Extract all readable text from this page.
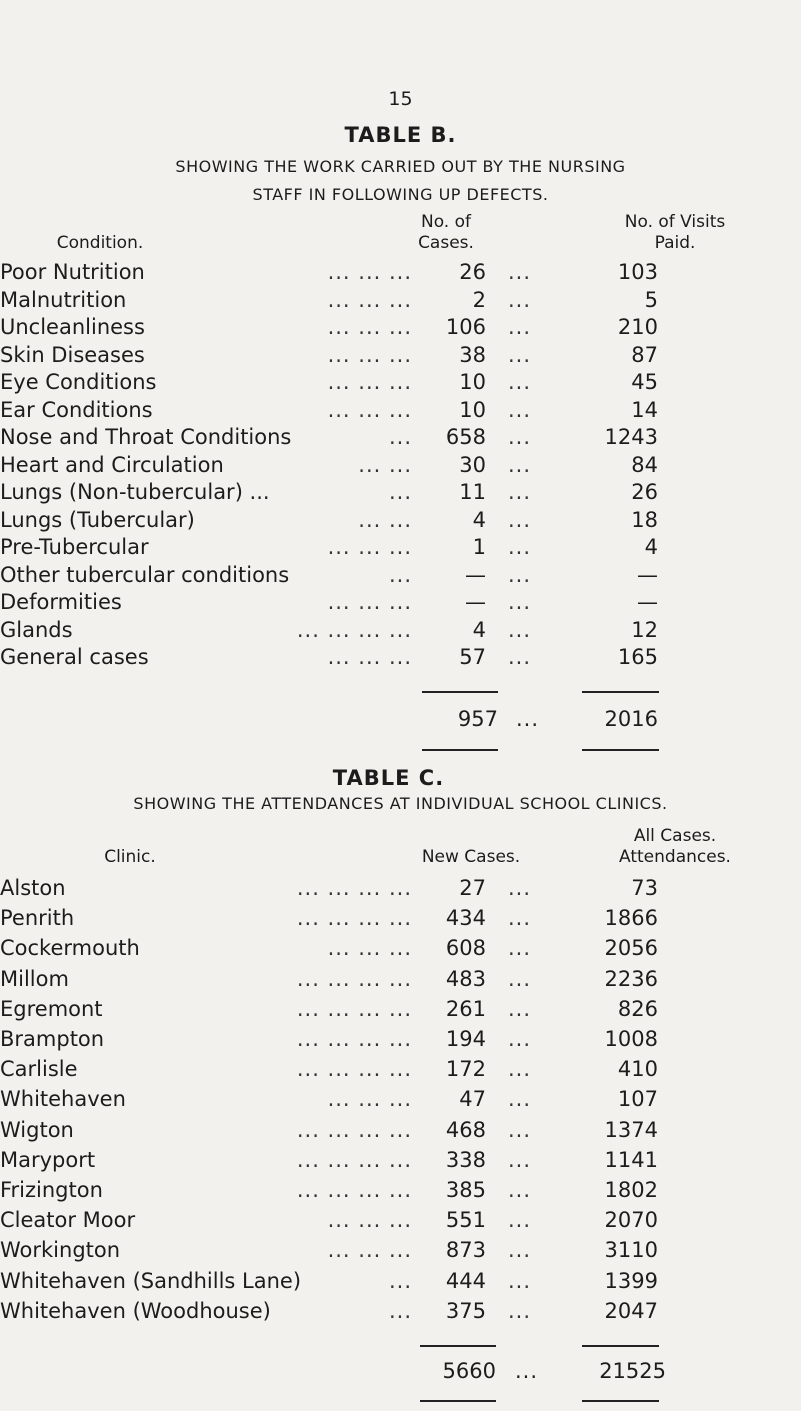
15
TABLE B.
SHOWING THE WORK CARRIED OUT BY THE NURSING
STAFF IN FOLLOWING UP DEFECTS.
Condition.
No. of
Cases.
No. of Visits
Paid.
Poor Nutrition	... ... ... 26 ...	103
Malnutrition	... ... ...	2 ...	5
Uncleanliness	... ... ... 106 ...	210
Skin Diseases	... ... ... 38 ...	87
Eye Conditions	... ... ... 10 ...	45
Ear Conditions	... ... ... 10 ...	14
Nose and Throat Conditions	... 658 ...	1243
Heart and Circulation	... ... 30 ...	84
Lungs (Non-tubercular) ...	... 11 ...	26
Lungs (Tubercular)	... ...	4 ...	18
Pre-Tubercular	... ... ...	1 ...	4
Other tubercular conditions	...	— ...	—
Deformities	... ... ...	— ...	—
Glands	... ... ... ...	4 ...	12
General cases	... ... ... 57 ...	165
957 ...	2016
TABLE C.
SHOWING THE ATTENDANCES AT INDIVIDUAL SCHOOL CLINICS.
Clinic.	New Cases.
All Cases.
Attendances.
Alston	... ... ... ... 27 ...	73
Penrith	... ... ... ... 434 ...	1866
Cockermouth	... ... ... 608 ...	2056
Millom	... ... ... ... 483 ...	2236
Egremont	... ... ... ... 261 ...	826
Brampton	... ... ... ... 194 ...	1008
Carlisle	... ... ... ... 172 ...	410
Whitehaven	... ... ... 47 ...	107
Wigton	... ... ... ... 468 ...	1374
Maryport	... ... ... ... 338 ...	1141
Frizington	... ... ... ... 385 ...	1802
Cleator Moor	... ... ... 551 ...	2070
Workington	... ... ... 873 ...	3110
Whitehaven (Sandhills Lane)	... 444 ...	1399
Whitehaven (Woodhouse)	... 375 ...	2047
5660 ...	21525
